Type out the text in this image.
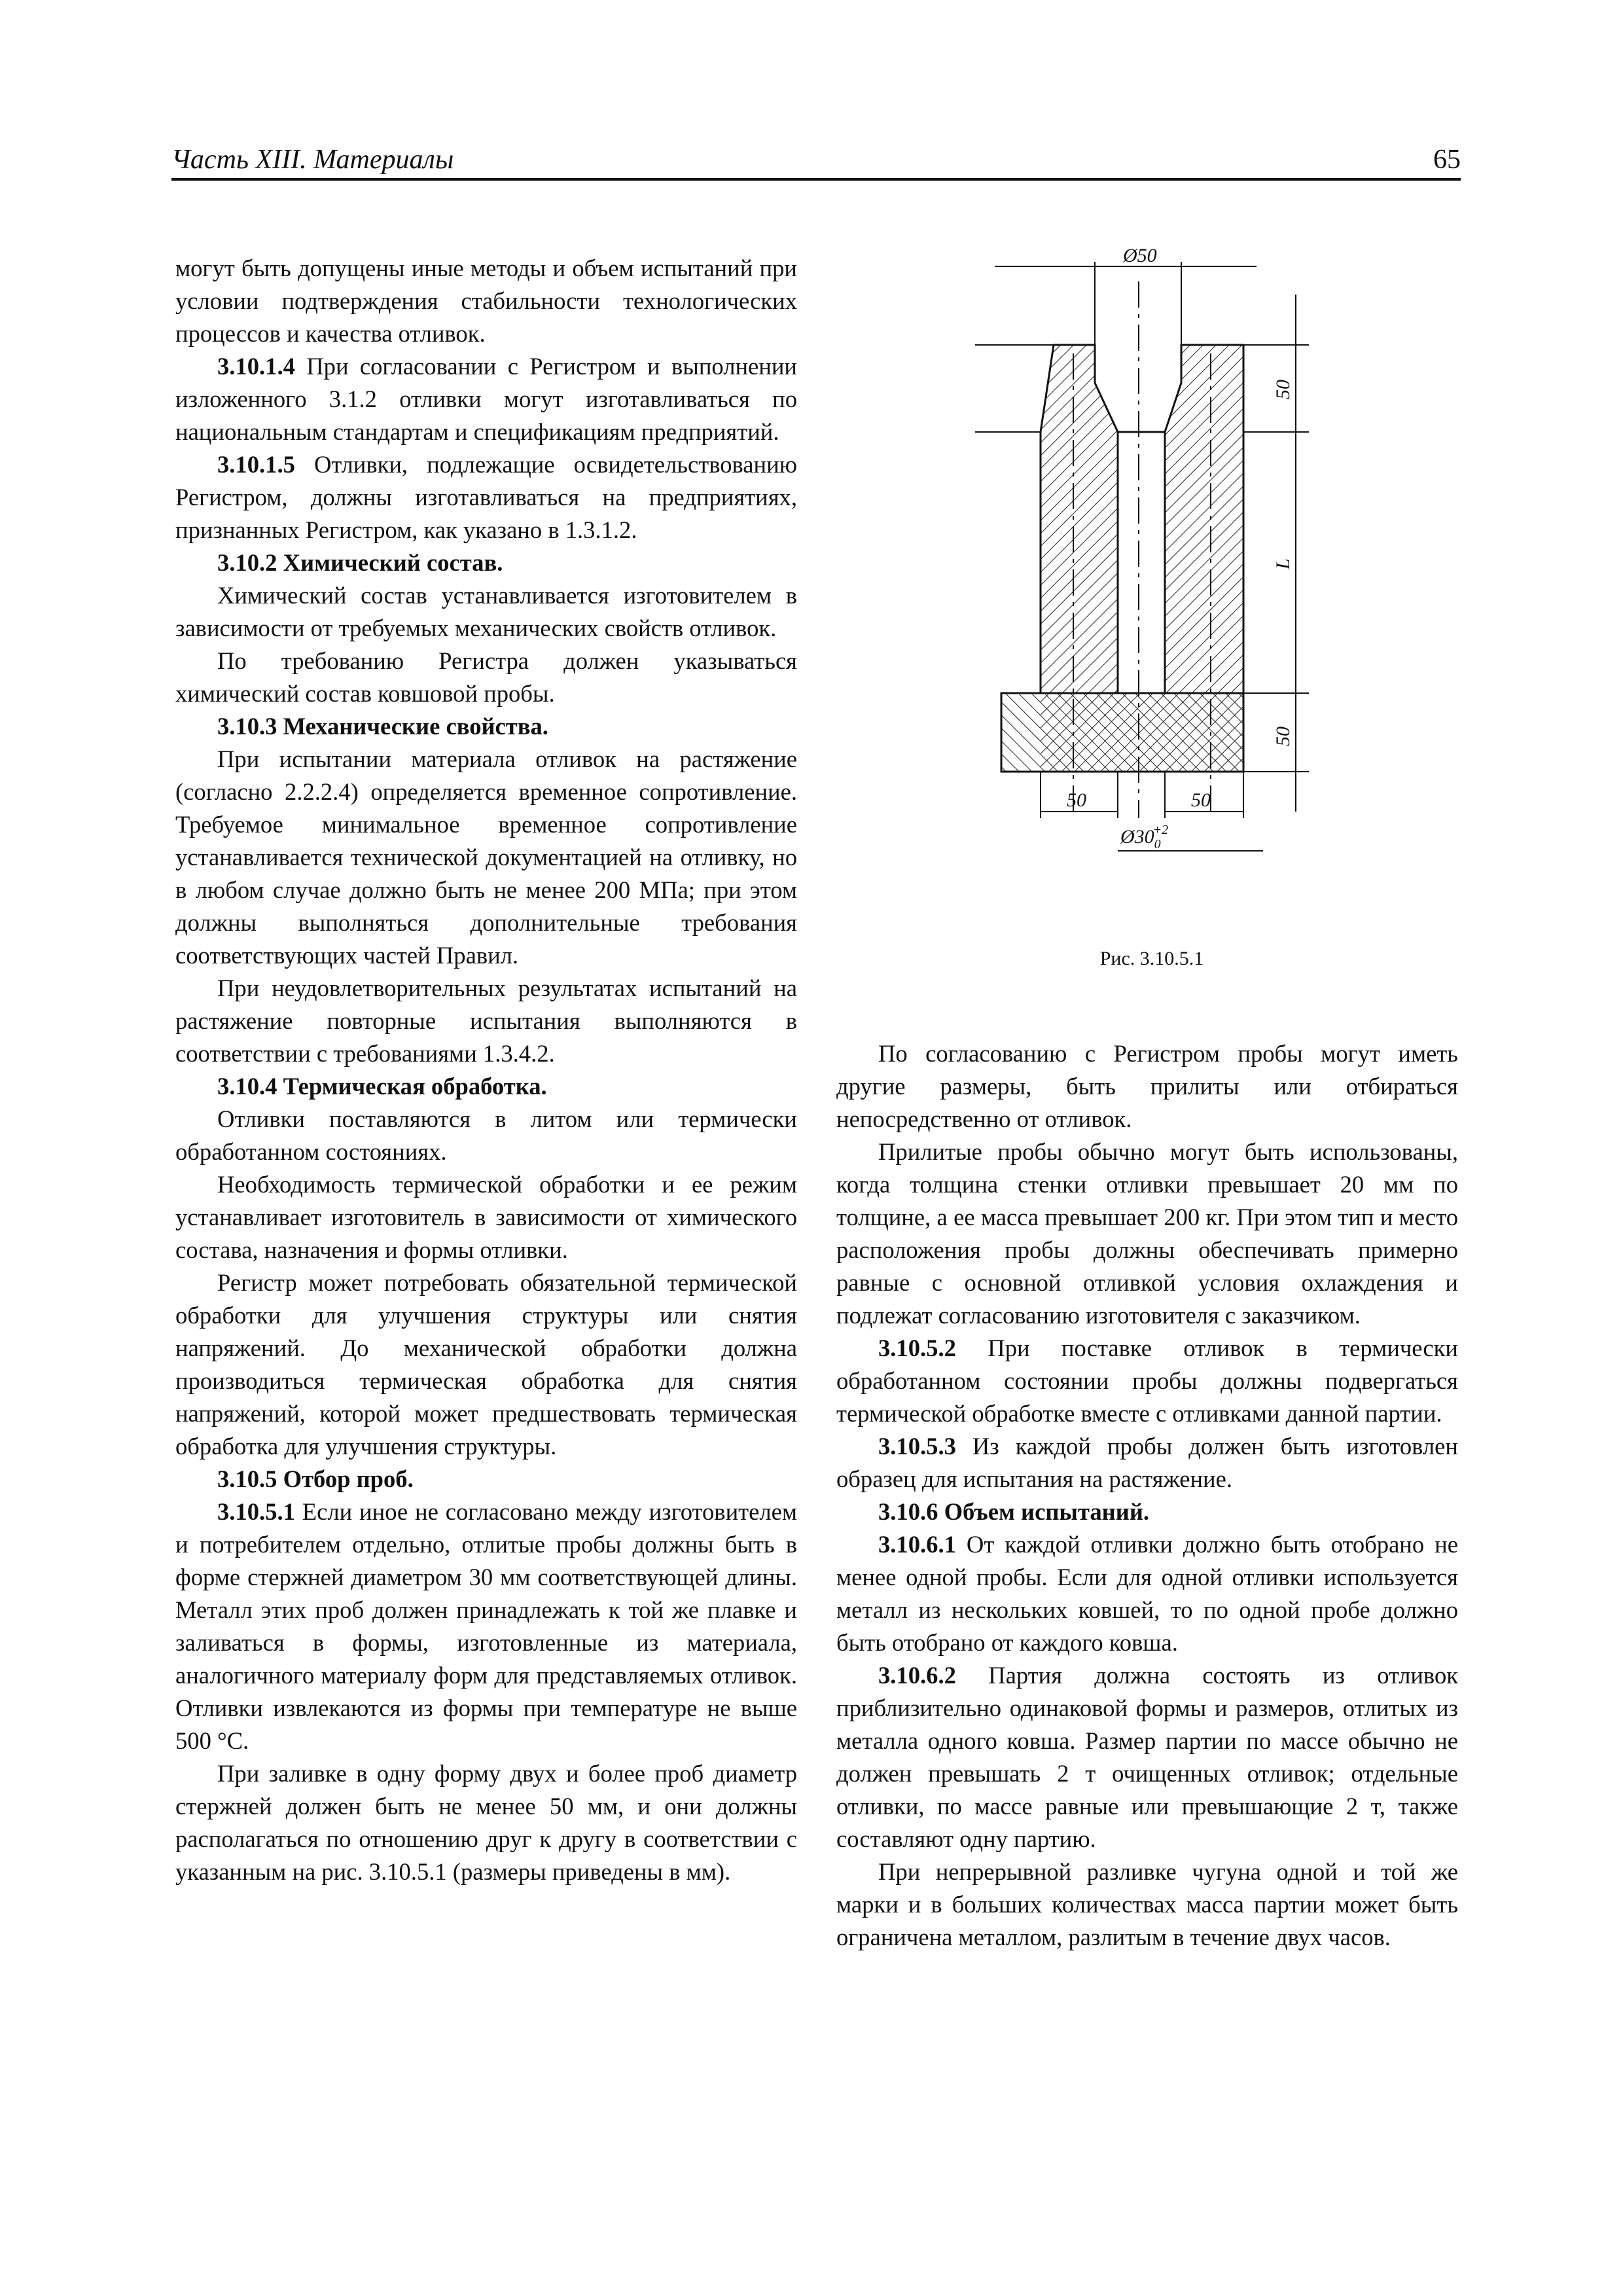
Часть XIII. Материалы	65

могут быть допущены иные методы и объем испытаний при условии подтверждения стабильности технологических процессов и качества отливок.

3.10.1.4 При согласовании с Регистром и выполнении изложенного 3.1.2 отливки могут изготавливаться по национальным стандартам и спецификациям предприятий.

3.10.1.5 Отливки, подлежащие освидетельствованию Регистром, должны изготавливаться на предприятиях, признанных Регистром, как указано в 1.3.1.2.

3.10.2 Химический состав.

Химический состав устанавливается изготовителем в зависимости от требуемых механических свойств отливок.

По требованию Регистра должен указываться химический состав ковшовой пробы.

3.10.3 Механические свойства.

При испытании материала отливок на растяжение (согласно 2.2.2.4) определяется временное сопротивление. Требуемое минимальное временное сопротивление устанавливается технической документацией на отливку, но в любом случае должно быть не менее 200 МПа; при этом должны выполняться дополнительные требования соответствующих частей Правил.

При неудовлетворительных результатах испытаний на растяжение повторные испытания выполняются в соответствии с требованиями 1.3.4.2.

3.10.4 Термическая обработка.

Отливки поставляются в литом или термически обработанном состояниях.

Необходимость термической обработки и ее режим устанавливает изготовитель в зависимости от химического состава, назначения и формы отливки.

Регистр может потребовать обязательной термической обработки для улучшения структуры или снятия напряжений. До механической обработки должна производиться термическая обработка для снятия напряжений, которой может предшествовать термическая обработка для улучшения структуры.

3.10.5 Отбор проб.

3.10.5.1 Если иное не согласовано между изготовителем и потребителем отдельно, отлитые пробы должны быть в форме стержней диаметром 30 мм соответствующей длины. Металл этих проб должен принадлежать к той же плавке и заливаться в формы, изготовленные из материала, аналогичного материалу форм для представляемых отливок. Отливки извлекаются из формы при температуре не выше 500 °С.

При заливке в одну форму двух и более проб диаметр стержней должен быть не менее 50 мм, и они должны располагаться по отношению друг к другу в соответствии с указанным на рис. 3.10.5.1 (размеры приведены в мм).

Ø50
50
L
50
50	50
$Ø30_0+2$
Рис. 3.10.5.1

По согласованию с Регистром пробы могут иметь другие размеры, быть прилиты или отбираться непосредственно от отливок.

Прилитые пробы обычно могут быть использованы, когда толщина стенки отливки превышает 20 мм по толщине, а ее масса превышает 200 кг. При этом тип и место расположения пробы должны обеспечивать примерно равные с основной отливкой условия охлаждения и подлежат согласованию изготовителя с заказчиком.

3.10.5.2 При поставке отливок в термически обработанном состоянии пробы должны подвергаться термической обработке вместе с отливками данной партии.

3.10.5.3 Из каждой пробы должен быть изготовлен образец для испытания на растяжение.

3.10.6 Объем испытаний.

3.10.6.1 От каждой отливки должно быть отобрано не менее одной пробы. Если для одной отливки используется металл из нескольких ковшей, то по одной пробе должно быть отобрано от каждого ковша.

3.10.6.2 Партия должна состоять из отливок приблизительно одинаковой формы и размеров, отлитых из металла одного ковша. Размер партии по массе обычно не должен превышать 2 т очищенных отливок; отдельные отливки, по массе равные или превышающие 2 т, также составляют одну партию.

При непрерывной разливке чугуна одной и той же марки и в больших количествах масса партии может быть ограничена металлом, разлитым в течение двух часов.
